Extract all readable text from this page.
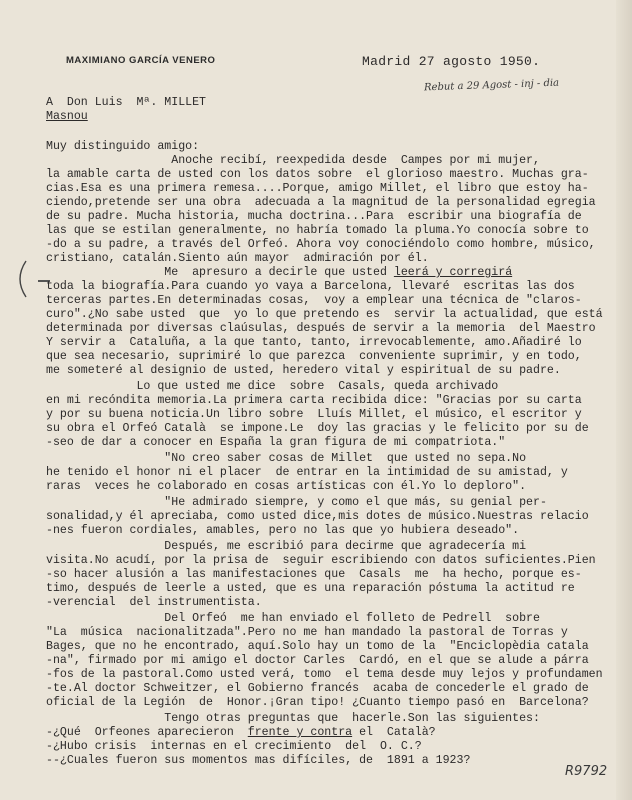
MAXIMIANO GARCÍA VENERO	Madrid 27 agosto 1950.
Rebut a 29 Agost - inj - dia
A  Don Luis  Mª. MILLET
Masnou
Muy distinguido amigo:
Anoche recibí, reexpedida desde  Campes por mi mujer,
la amable carta de usted con los datos sobre  el glorioso maestro. Muchas gra-
cias.Esa es una primera remesa....Porque, amigo Millet, el libro que estoy ha-
ciendo,pretende ser una obra  adecuada a la magnitud de la personalidad egregia
de su padre. Mucha historia, mucha doctrina...Para  escribir una biografía de
las que se estilan generalmente, no habría tomado la pluma.Yo conocía sobre to
-do a su padre, a través del Orfeó. Ahora voy conociéndolo como hombre, músico,
cristiano, catalán.Siento aún mayor  admiración por él.
Me  apresuro a decirle que usted leerá y corregirá
toda la biografía.Para cuando yo vaya a Barcelona, llevaré  escritas las dos
terceras partes.En determinadas cosas,  voy a emplear una técnica de "claros-
curo".¿No sabe usted  que  yo lo que pretendo es  servir la actualidad, que está
determinada por diversas claúsulas, después de servir a la memoria  del Maestro
Y servir a  Cataluña, a la que tanto, tanto, irrevocablemente, amo.Añadiré lo
que sea necesario, suprimiré lo que parezca  conveniente suprimir, y en todo,
me someteré al designio de usted, heredero vital y espiritual de su padre.
Lo que usted me dice  sobre  Casals, queda archivado
en mi recóndita memoria.La primera carta recibida dice: "Gracias por su carta
y por su buena noticia.Un libro sobre  Lluís Millet, el músico, el escritor y
su obra el Orfeó Català  se impone.Le  doy las gracias y le felicito por su de
-seo de dar a conocer en España la gran figura de mi compatriota."
"No creo saber cosas de Millet  que usted no sepa.No
he tenido el honor ni el placer  de entrar en la intimidad de su amistad, y
raras  veces he colaborado en cosas artísticas con él.Yo lo deploro".
"He admirado siempre, y como el que más, su genial per-
sonalidad,y él apreciaba, como usted dice,mis dotes de músico.Nuestras relacio
-nes fueron cordiales, amables, pero no las que yo hubiera deseado".
Después, me escribió para decirme que agradecería mi
visita.No acudí, por la prisa de  seguir escribiendo con datos suficientes.Pien
-so hacer alusión a las manifestaciones que  Casals  me  ha hecho, porque es-
timo, después de leerle a usted, que es una reparación póstuma la actitud re
-verencial  del instrumentista.
Del Orfeó  me han enviado el folleto de Pedrell  sobre
"La  música  nacionalitzada".Pero no me han mandado la pastoral de Torras y
Bages, que no he encontrado, aquí.Solo hay un tomo de la  "Enciclopèdia catala
-na", firmado por mi amigo el doctor Carles  Cardó, en el que se alude a párra
-fos de la pastoral.Como usted verá, tomo  el tema desde muy lejos y profundamen
-te.Al doctor Schweitzer, el Gobierno francés  acaba de concederle el grado de
oficial de la Legión  de  Honor.¡Gran tipo! ¿Cuanto tiempo pasó en  Barcelona?
Tengo otras preguntas que  hacerle.Son las siguientes:
-¿Qué  Orfeones aparecieron  frente y contra el  Català?
-¿Hubo crisis  internas en el crecimiento  del  O. C.?
--¿Cuales fueron sus momentos mas difíciles, de  1891 a 1923?
R9792
